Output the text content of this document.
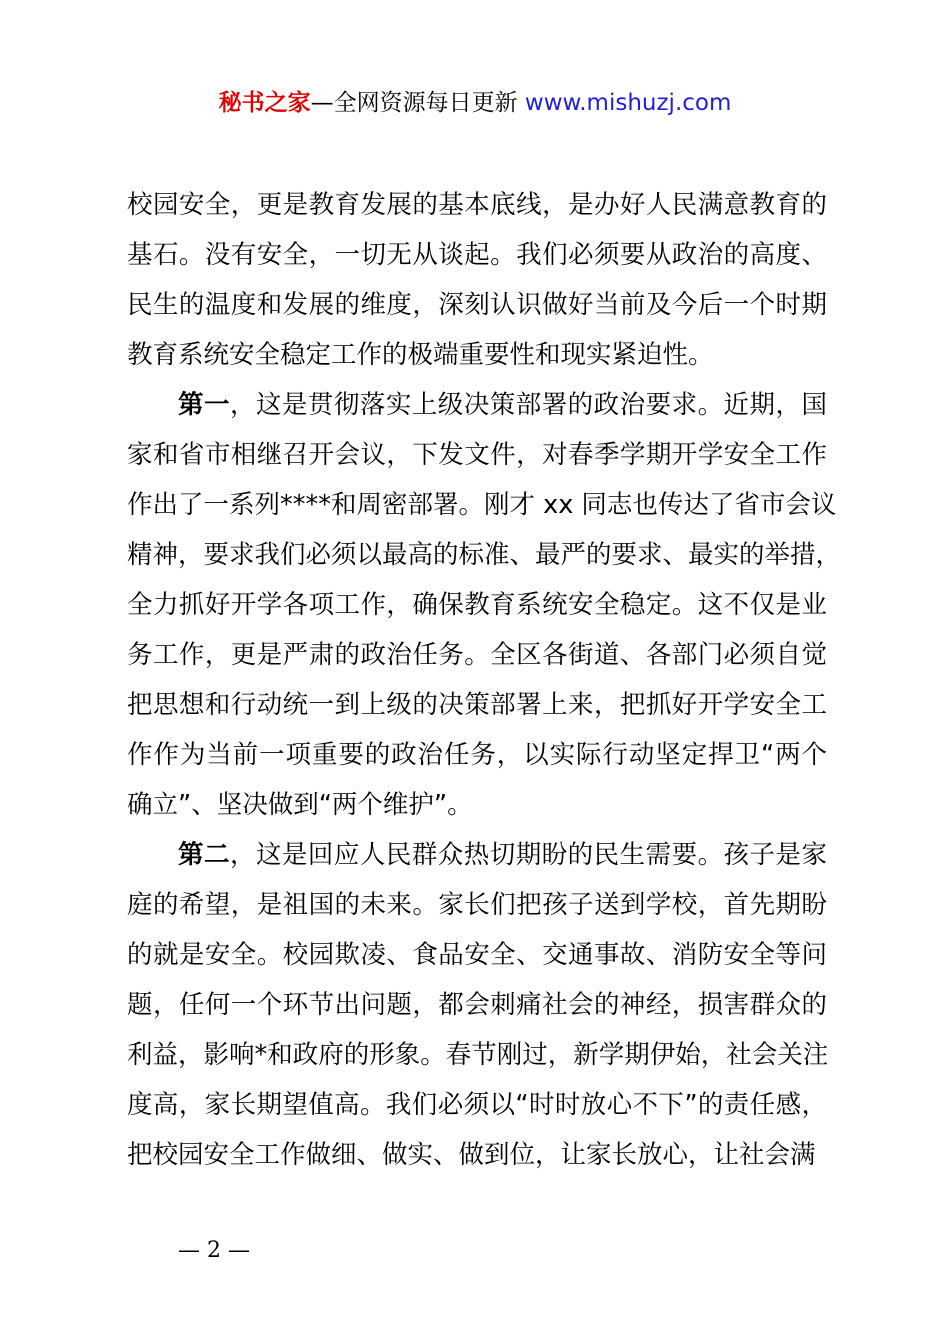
秘书之家—全网资源每日更新 www.mishuzj.com
校园安全，更是教育发展的基本底线，是办好人民满意教育的
基石。没有安全，一切无从谈起。我们必须要从政治的高度、
民生的温度和发展的维度，深刻认识做好当前及今后一个时期
教育系统安全稳定工作的极端重要性和现实紧迫性。
第一，这是贯彻落实上级决策部署的政治要求。近期，国
家和省市相继召开会议，下发文件，对春季学期开学安全工作
作出了一系列****和周密部署。刚才 xx 同志也传达了省市会议
精神，要求我们必须以最高的标准、最严的要求、最实的举措，
全力抓好开学各项工作，确保教育系统安全稳定。这不仅是业
务工作，更是严肃的政治任务。全区各街道、各部门必须自觉
把思想和行动统一到上级的决策部署上来，把抓好开学安全工
作作为当前一项重要的政治任务，以实际行动坚定捍卫“两个
确立”、坚决做到“两个维护”。
第二，这是回应人民群众热切期盼的民生需要。孩子是家
庭的希望，是祖国的未来。家长们把孩子送到学校，首先期盼
的就是安全。校园欺凌、食品安全、交通事故、消防安全等问
题，任何一个环节出问题，都会刺痛社会的神经，损害群众的
利益，影响*和政府的形象。春节刚过，新学期伊始，社会关注
度高，家长期望值高。我们必须以“时时放心不下”的责任感，
把校园安全工作做细、做实、做到位，让家长放心，让社会满
— 2 —
